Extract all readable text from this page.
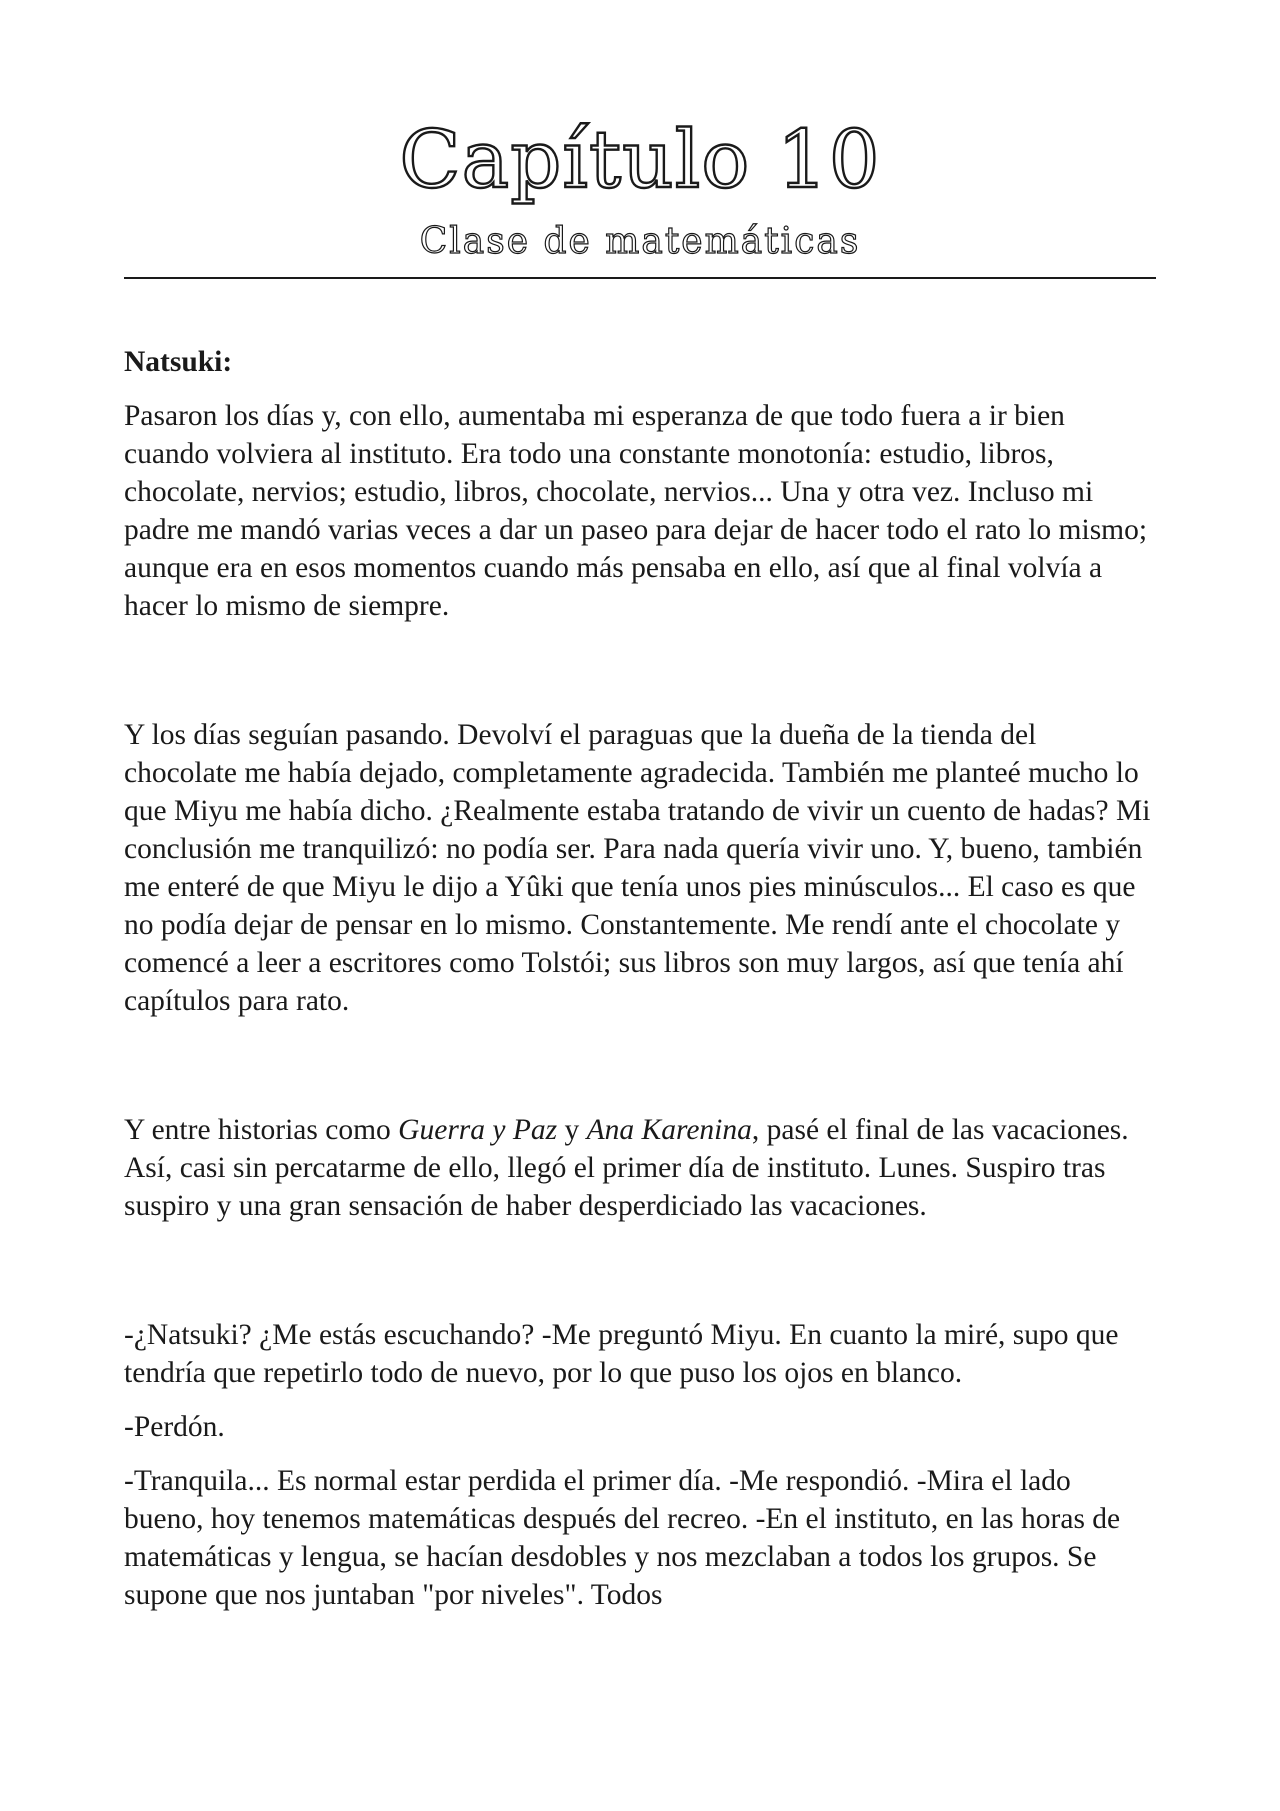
Capítulo 10
Clase de matemáticas

Natsuki:

Pasaron los días y, con ello, aumentaba mi esperanza de que todo fuera a ir bien cuando volviera al instituto. Era todo una constante monotonía: estudio, libros, chocolate, nervios; estudio, libros, chocolate, nervios... Una y otra vez. Incluso mi padre me mandó varias veces a dar un paseo para dejar de hacer todo el rato lo mismo; aunque era en esos momentos cuando más pensaba en ello, así que al final volvía a hacer lo mismo de siempre.

Y los días seguían pasando. Devolví el paraguas que la dueña de la tienda del chocolate me había dejado, completamente agradecida. También me planteé mucho lo que Miyu me había dicho. ¿Realmente estaba tratando de vivir un cuento de hadas? Mi conclusión me tranquilizó: no podía ser. Para nada quería vivir uno. Y, bueno, también me enteré de que Miyu le dijo a Yûki que tenía unos pies minúsculos... El caso es que no podía dejar de pensar en lo mismo. Constantemente. Me rendí ante el chocolate y comencé a leer a escritores como Tolstói; sus libros son muy largos, así que tenía ahí capítulos para rato.

Y entre historias como Guerra y Paz y Ana Karenina, pasé el final de las vacaciones. Así, casi sin percatarme de ello, llegó el primer día de instituto. Lunes. Suspiro tras suspiro y una gran sensación de haber desperdiciado las vacaciones.

-¿Natsuki? ¿Me estás escuchando? -Me preguntó Miyu. En cuanto la miré, supo que tendría que repetirlo todo de nuevo, por lo que puso los ojos en blanco.

-Perdón.

-Tranquila... Es normal estar perdida el primer día. -Me respondió. -Mira el lado bueno, hoy tenemos matemáticas después del recreo. -En el instituto, en las horas de matemáticas y lengua, se hacían desdobles y nos mezclaban a todos los grupos. Se supone que nos juntaban "por niveles". Todos
